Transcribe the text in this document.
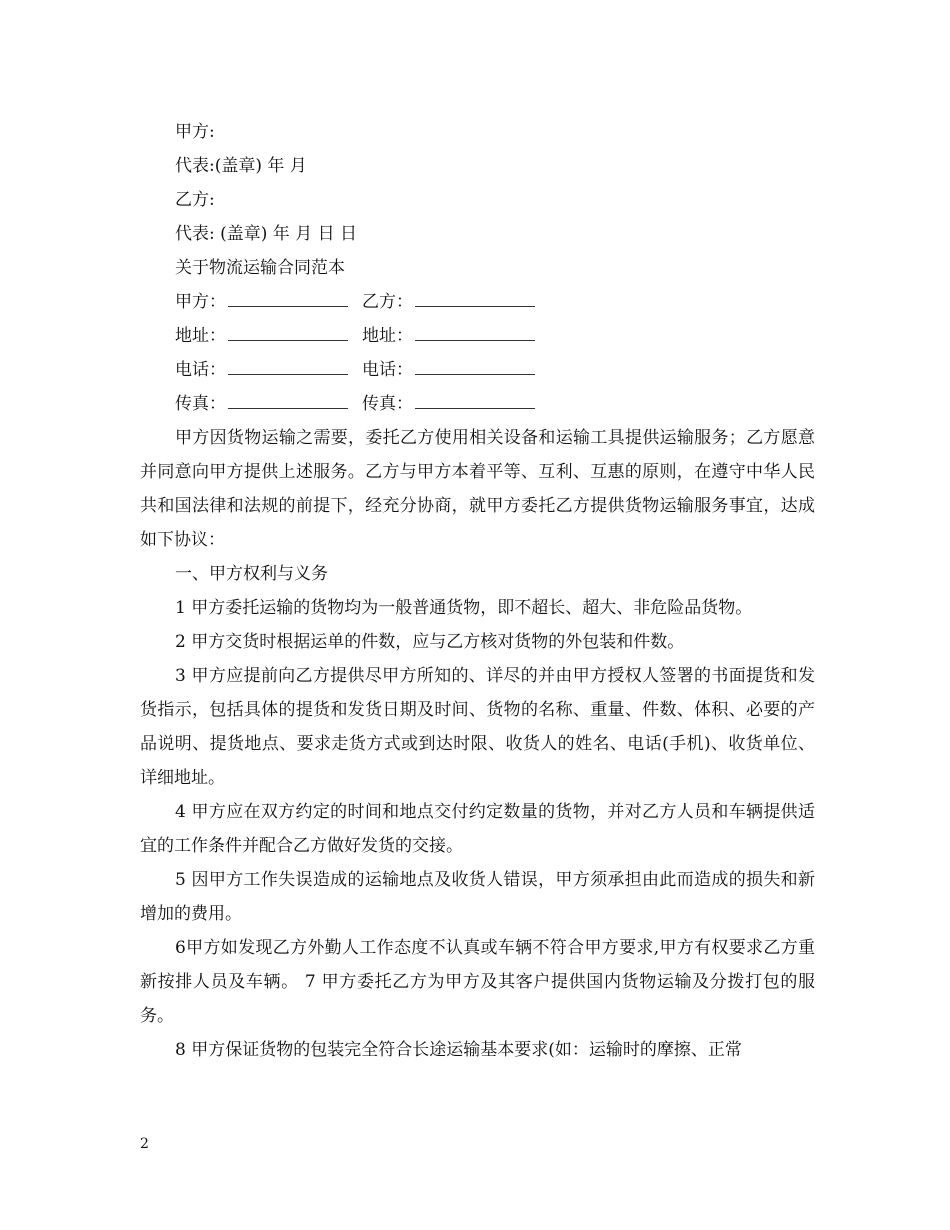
甲方:
代表:(盖章) 年 月
乙方:
代表: (盖章) 年 月 日 日
关于物流运输合同范本
甲方：	乙方：
地址：	地址：
电话：	电话：
传真：	传真：
甲方因货物运输之需要，委托乙方使用相关设备和运输工具提供运输服务；乙方愿意并同意向甲方提供上述服务。乙方与甲方本着平等、互利、互惠的原则，在遵守中华人民共和国法律和法规的前提下，经充分协商，就甲方委托乙方提供货物运输服务事宜，达成如下协议：
一、甲方权利与义务
1 甲方委托运输的货物均为一般普通货物，即不超长、超大、非危险品货物。
2 甲方交货时根据运单的件数，应与乙方核对货物的外包装和件数。
3 甲方应提前向乙方提供尽甲方所知的、详尽的并由甲方授权人签署的书面提货和发货指示，包括具体的提货和发货日期及时间、货物的名称、重量、件数、体积、必要的产品说明、提货地点、要求走货方式或到达时限、收货人的姓名、电话(手机)、收货单位、详细地址。
4 甲方应在双方约定的时间和地点交付约定数量的货物，并对乙方人员和车辆提供适宜的工作条件并配合乙方做好发货的交接。
5 因甲方工作失误造成的运输地点及收货人错误，甲方须承担由此而造成的损失和新增加的费用。
6甲方如发现乙方外勤人工作态度不认真或车辆不符合甲方要求,甲方有权要求乙方重新按排人员及车辆。 7 甲方委托乙方为甲方及其客户提供国内货物运输及分拨打包的服务。
8 甲方保证货物的包装完全符合长途运输基本要求(如：运输时的摩擦、正常
2
